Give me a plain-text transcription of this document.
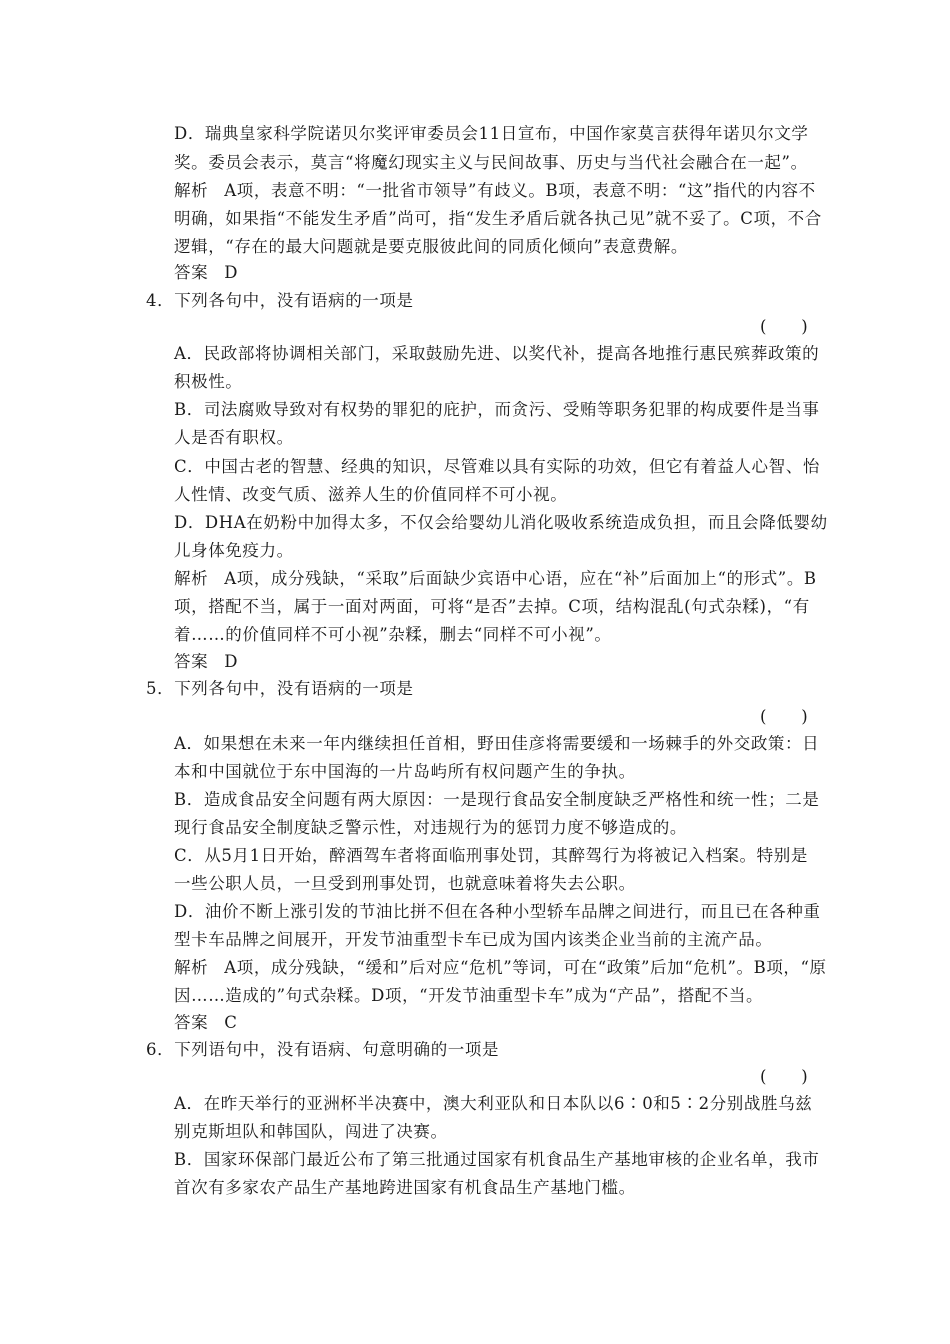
D．瑞典皇家科学院诺贝尔奖评审委员会11日宣布，中国作家莫言获得年诺贝尔文学
奖。委员会表示，莫言“将魔幻现实主义与民间故事、历史与当代社会融合在一起”。
解析 A项，表意不明：“一批省市领导”有歧义。B项，表意不明：“这”指代的内容不
明确，如果指“不能发生矛盾”尚可，指“发生矛盾后就各执己见”就不妥了。C项，不合
逻辑，“存在的最大问题就是要克服彼此间的同质化倾向”表意费解。
答案 D
4．下列各句中，没有语病的一项是
(　　)
A．民政部将协调相关部门，采取鼓励先进、以奖代补，提高各地推行惠民殡葬政策的
积极性。
B．司法腐败导致对有权势的罪犯的庇护，而贪污、受贿等职务犯罪的构成要件是当事
人是否有职权。
C．中国古老的智慧、经典的知识，尽管难以具有实际的功效，但它有着益人心智、怡
人性情、改变气质、滋养人生的价值同样不可小视。
D．DHA在奶粉中加得太多，不仅会给婴幼儿消化吸收系统造成负担，而且会降低婴幼
儿身体免疫力。
解析 A项，成分残缺，“采取”后面缺少宾语中心语，应在“补”后面加上“的形式”。B
项，搭配不当，属于一面对两面，可将“是否”去掉。C项，结构混乱(句式杂糅)，“有
着……的价值同样不可小视”杂糅，删去“同样不可小视”。
答案 D
5．下列各句中，没有语病的一项是
(　　)
A．如果想在未来一年内继续担任首相，野田佳彦将需要缓和一场棘手的外交政策：日
本和中国就位于东中国海的一片岛屿所有权问题产生的争执。
B．造成食品安全问题有两大原因：一是现行食品安全制度缺乏严格性和统一性；二是
现行食品安全制度缺乏警示性，对违规行为的惩罚力度不够造成的。
C．从5月1日开始，醉酒驾车者将面临刑事处罚，其醉驾行为将被记入档案。特别是
一些公职人员，一旦受到刑事处罚，也就意味着将失去公职。
D．油价不断上涨引发的节油比拼不但在各种小型轿车品牌之间进行，而且已在各种重
型卡车品牌之间展开，开发节油重型卡车已成为国内该类企业当前的主流产品。
解析 A项，成分残缺，“缓和”后对应“危机”等词，可在“政策”后加“危机”。B项，“原
因……造成的”句式杂糅。D项，“开发节油重型卡车”成为“产品”，搭配不当。
答案 C
6．下列语句中，没有语病、句意明确的一项是
(　　)
A．在昨天举行的亚洲杯半决赛中，澳大利亚队和日本队以6∶0和5∶2分别战胜乌兹
别克斯坦队和韩国队，闯进了决赛。
B．国家环保部门最近公布了第三批通过国家有机食品生产基地审核的企业名单，我市
首次有多家农产品生产基地跨进国家有机食品生产基地门槛。
